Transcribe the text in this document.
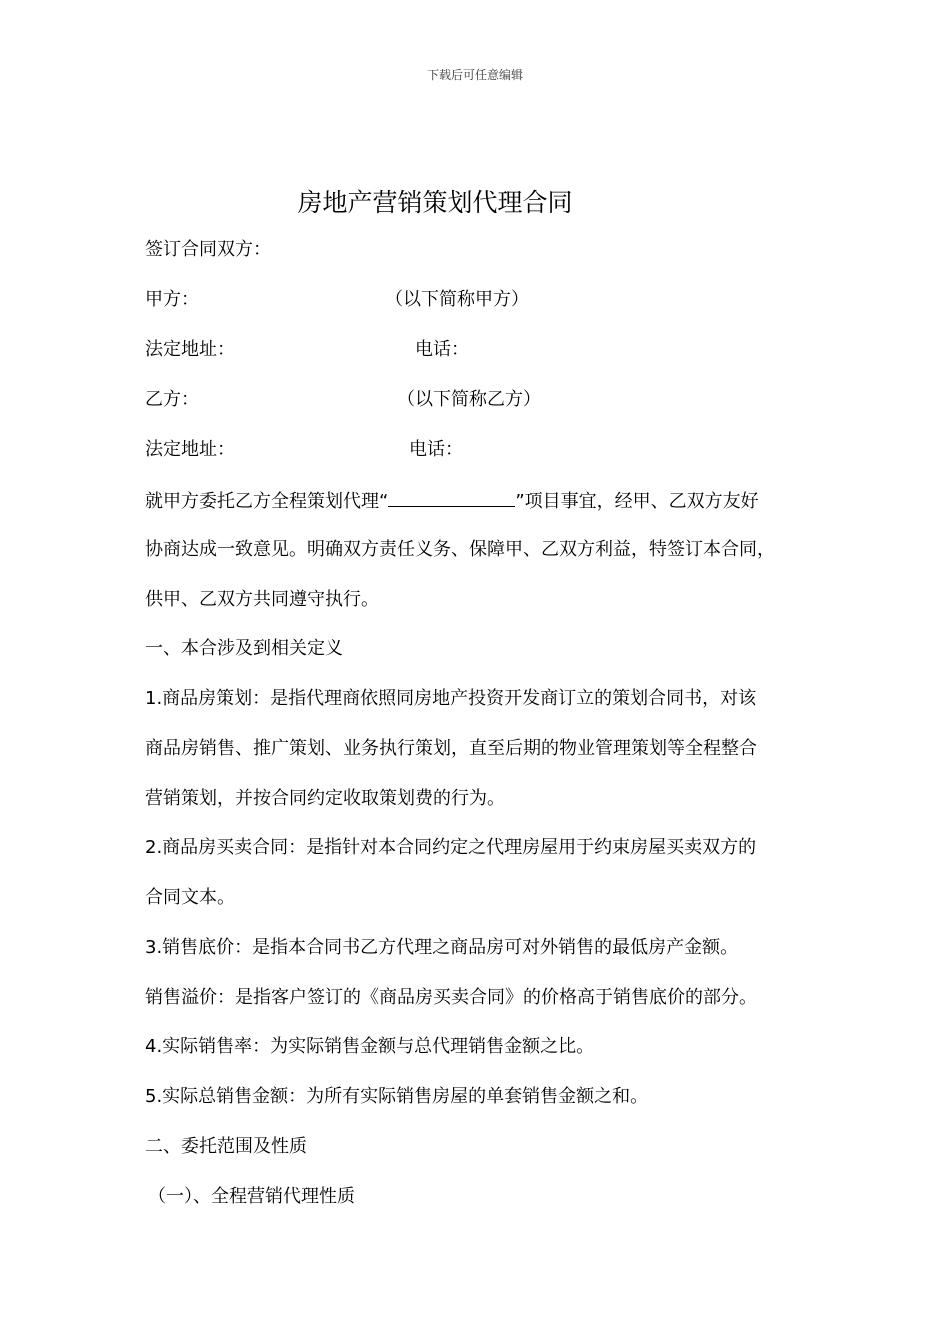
下载后可任意编辑
房地产营销策划代理合同
签订合同双方：
甲方：	（以下简称甲方）
法定地址：	电话：
乙方：	（以下简称乙方）
法定地址：	电话：
就甲方委托乙方全程策划代理“	”项目事宜，经甲、乙双方友好
协商达成一致意见。明确双方责任义务、保障甲、乙双方利益，特签订本合同，
供甲、乙双方共同遵守执行。
一、本合涉及到相关定义
1.商品房策划：是指代理商依照同房地产投资开发商订立的策划合同书，对该
商品房销售、推广策划、业务执行策划，直至后期的物业管理策划等全程整合
营销策划，并按合同约定收取策划费的行为。
2.商品房买卖合同：是指针对本合同约定之代理房屋用于约束房屋买卖双方的
合同文本。
3.销售底价：是指本合同书乙方代理之商品房可对外销售的最低房产金额。
销售溢价：是指客户签订的《商品房买卖合同》的价格高于销售底价的部分。
4.实际销售率：为实际销售金额与总代理销售金额之比。
5.实际总销售金额：为所有实际销售房屋的单套销售金额之和。
二、委托范围及性质
（一）、全程营销代理性质
